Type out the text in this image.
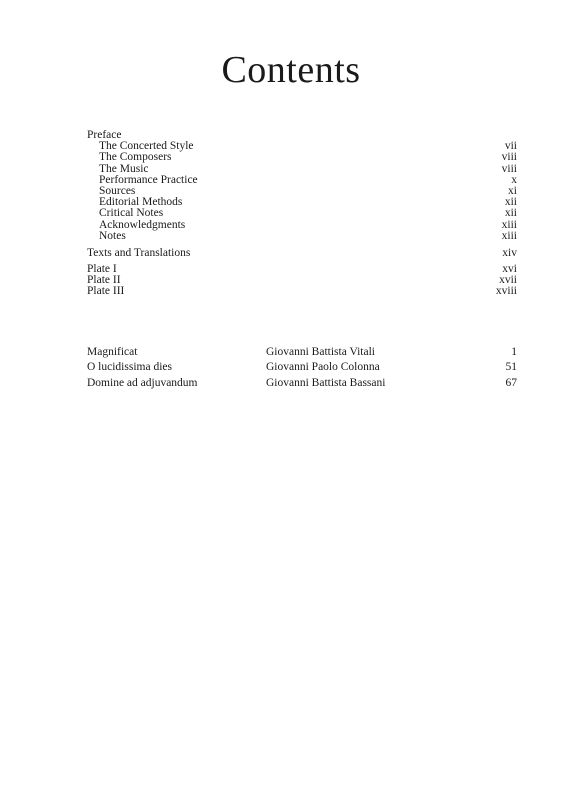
Contents
Preface
The Concerted Style	vii
The Composers	viii
The Music	viii
Performance Practice	x
Sources	xi
Editorial Methods	xii
Critical Notes	xii
Acknowledgments	xiii
Notes	xiii
Texts and Translations	xiv
Plate I	xvi
Plate II	xvii
Plate III	xviii
Magnificat	Giovanni Battista Vitali	1
O lucidissima dies	Giovanni Paolo Colonna	51
Domine ad adjuvandum	Giovanni Battista Bassani	67
